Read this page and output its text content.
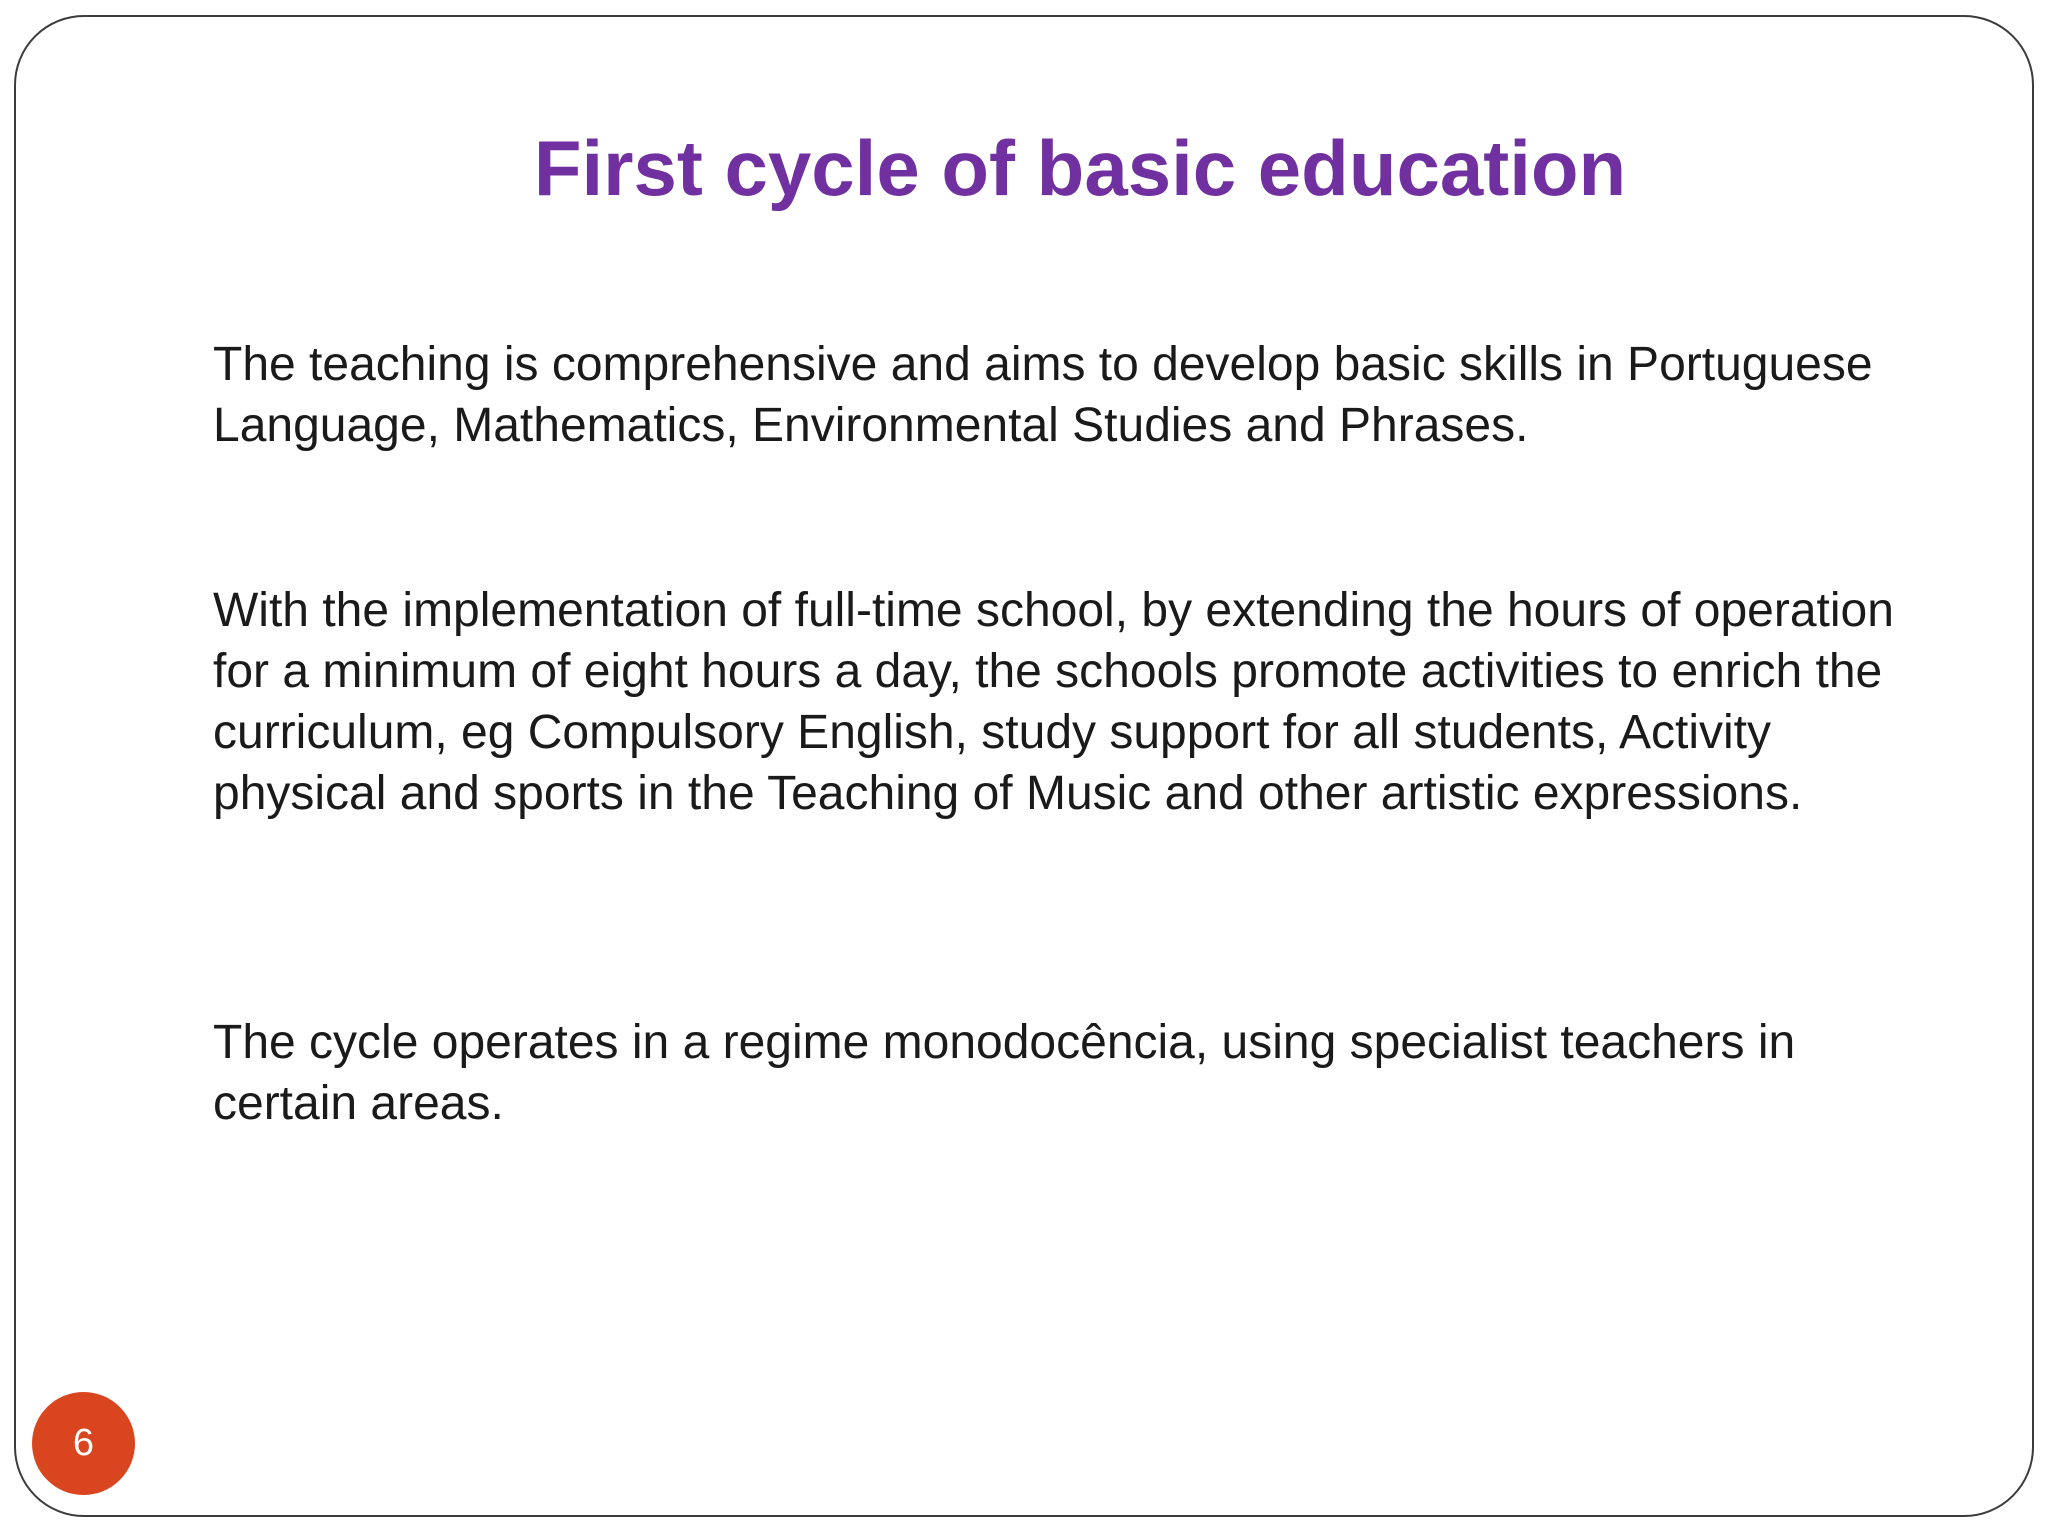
First cycle of basic education

The teaching is comprehensive and aims to develop basic skills in Portuguese Language, Mathematics, Environmental Studies and Phrases.

With the implementation of full-time school, by extending the hours of operation for a minimum of eight hours a day, the schools promote activities to enrich the curriculum, eg Compulsory English, study support for all students, Activity physical and sports in the Teaching of Music and other artistic expressions.

The cycle operates in a regime monodocência, using specialist teachers in certain areas.

6
